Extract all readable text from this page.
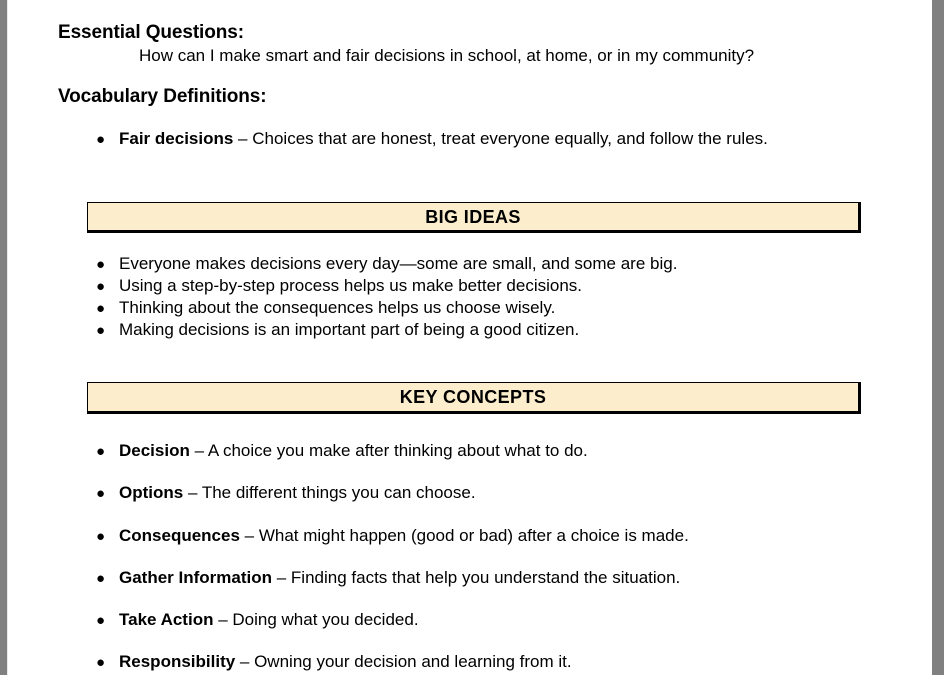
Essential Questions:
How can I make smart and fair decisions in school, at home, or in my community?
Vocabulary Definitions:
● Fair decisions – Choices that are honest, treat everyone equally, and follow the rules.
BIG IDEAS
● Everyone makes decisions every day—some are small, and some are big.
● Using a step-by-step process helps us make better decisions.
● Thinking about the consequences helps us choose wisely.
● Making decisions is an important part of being a good citizen.
KEY CONCEPTS
● Decision – A choice you make after thinking about what to do.
● Options – The different things you can choose.
● Consequences – What might happen (good or bad) after a choice is made.
● Gather Information – Finding facts that help you understand the situation.
● Take Action – Doing what you decided.
● Responsibility – Owning your decision and learning from it.
